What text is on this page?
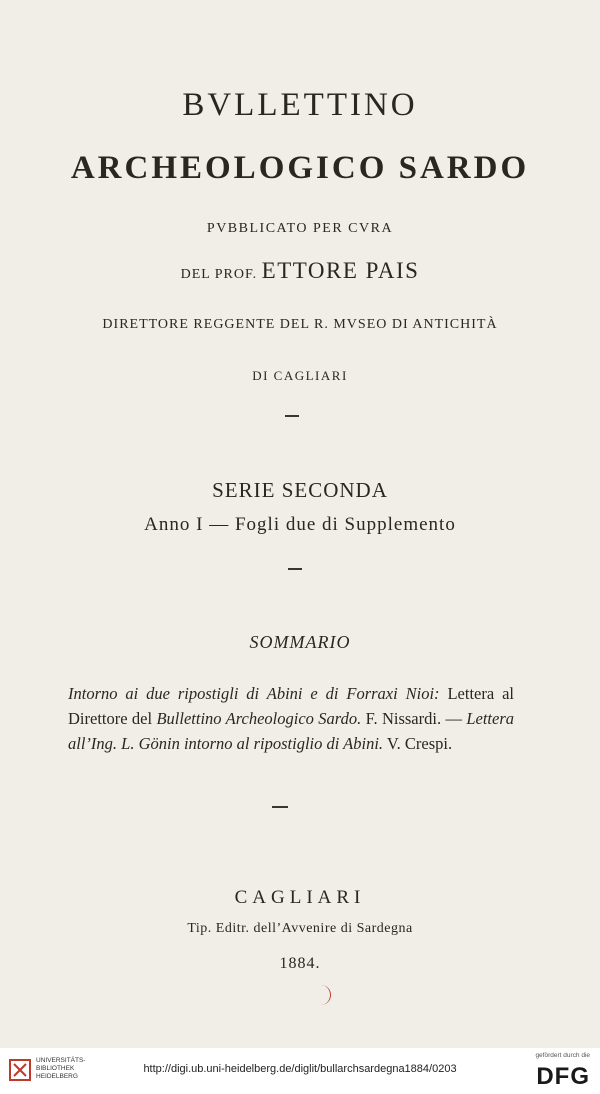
BVLLETTINO
ARCHEOLOGICO SARDO

PVBBLICATO PER CVRA

DEL PROF. ETTORE PAIS

DIRETTORE REGGENTE DEL R. MVSEO DI ANTICHITÀ

DI CAGLIARI

SERIE SECONDA

Anno I — Fogli due di Supplemento

SOMMARIO

Intorno ai due ripostigli di Abini e di Forraxi Nioi: Lettera al Direttore del Bullettino Archeologico Sardo. F. Nissardi. — Lettera all’Ing. L. Gönin intorno al ripostiglio di Abini. V. Crespi.

CAGLIARI

Tip. Editr. dell’Avvenire di Sardegna

1884.

UNIVERSITÄTS-
BIBLIOTHEK
HEIDELBERG
http://digi.ub.uni-heidelberg.de/diglit/bullarchsardegna1884/0203
gefördert durch die
DFG
